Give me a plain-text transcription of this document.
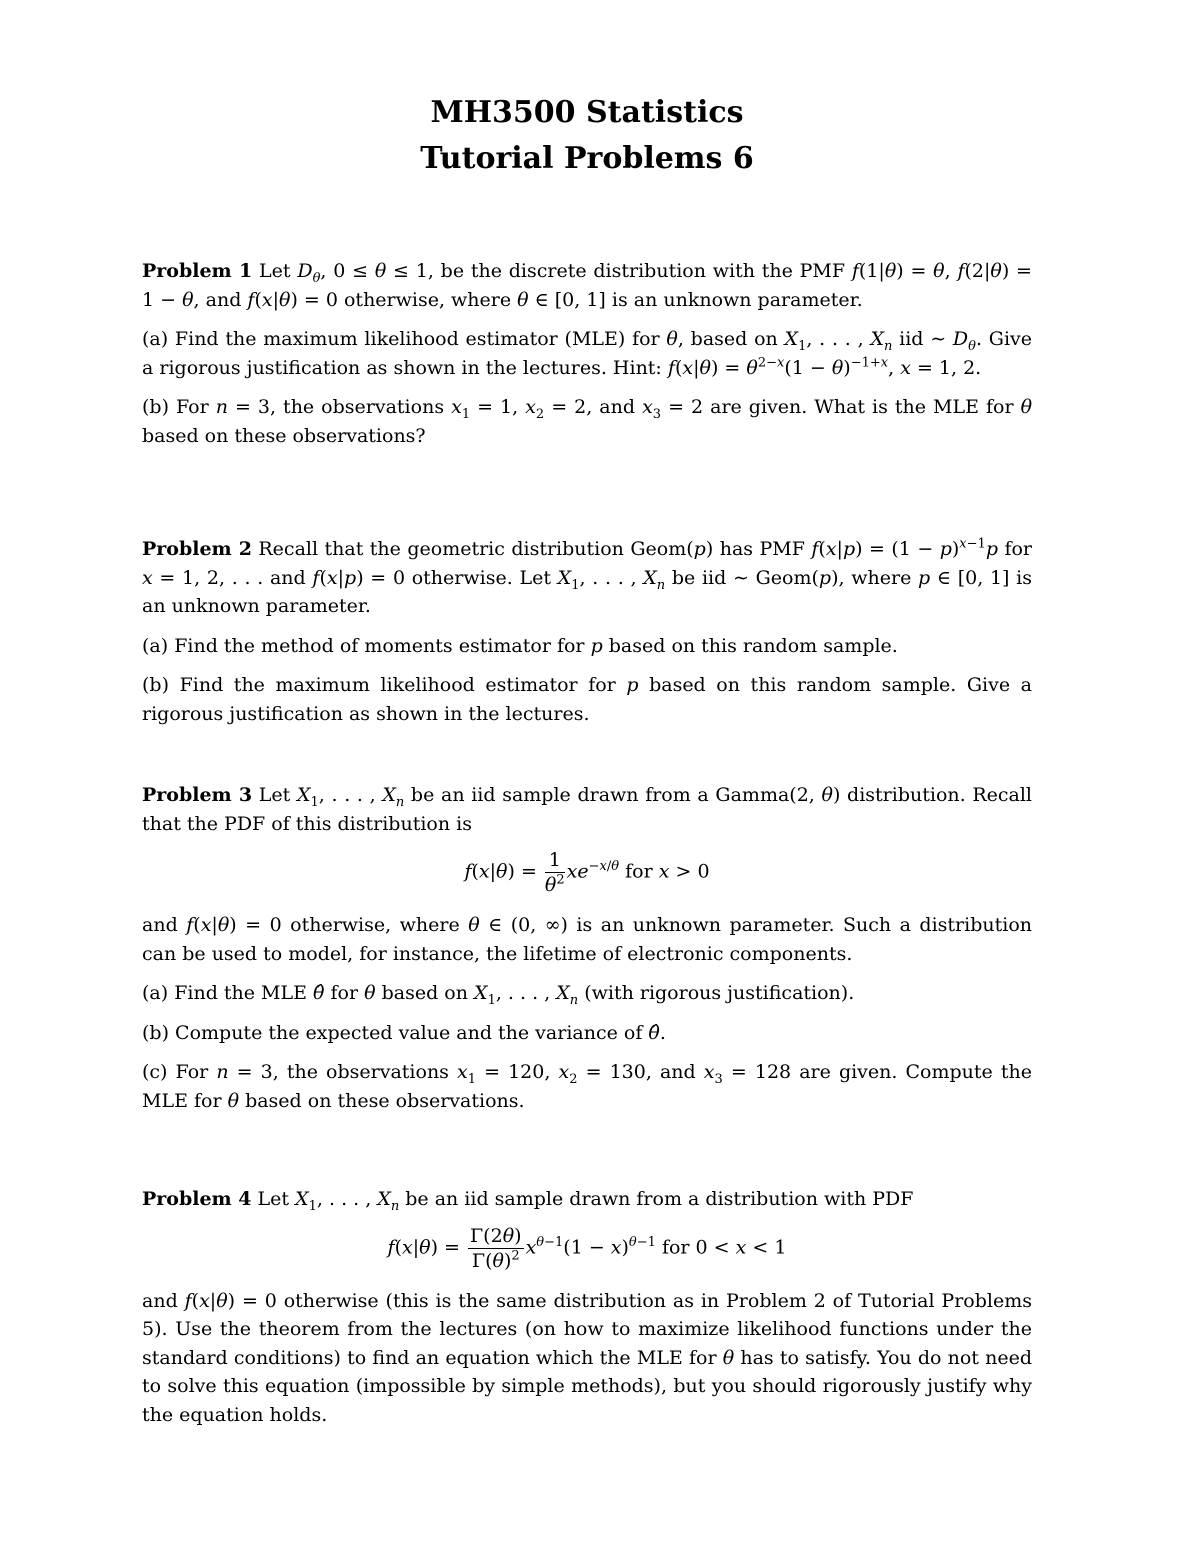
MH3500 Statistics
Tutorial Problems 6

Problem 1 Let $D_\theta$, 0 ≤ θ ≤ 1, be the discrete distribution with the PMF f(1|θ) = θ, f(2|θ) = 1 − θ, and f(x|θ) = 0 otherwise, where θ ∈ [0, 1] is an unknown parameter.

(a) Find the maximum likelihood estimator (MLE) for θ, based on $X_1$, . . . , $X_n$ iid ∼ $D_\theta$. Give a rigorous justification as shown in the lectures. Hint: $f(x|\theta) = \theta^{2-x}(1 - \theta)^{-1+x}$, x = 1, 2.

(b) For n = 3, the observations $x_1 = 1$, $x_2 = 2$, and $x_3 = 2$ are given. What is the MLE for θ based on these observations?

Problem 2 Recall that the geometric distribution Geom(p) has PMF $f(x|p) = (1 - p)^{x-1}p$ for x = 1, 2, . . . and f(x|p) = 0 otherwise. Let $X_1$, . . . , $X_n$ be iid ∼ Geom(p), where p ∈ [0, 1] is an unknown parameter.

(a) Find the method of moments estimator for p based on this random sample.

(b) Find the maximum likelihood estimator for p based on this random sample. Give a rigorous justification as shown in the lectures.

Problem 3 Let $X_1$, . . . , $X_n$ be an iid sample drawn from a Gamma(2, θ) distribution. Recall that the PDF of this distribution is

$f(x|\theta) = \frac{1}{\theta^2} xe^{-x/\theta}$ for x > 0

and f(x|θ) = 0 otherwise, where θ ∈ (0, ∞) is an unknown parameter. Such a distribution can be used to model, for instance, the lifetime of electronic components.

(a) Find the MLE θ̂ for θ based on $X_1$, . . . , $X_n$ (with rigorous justification).

(b) Compute the expected value and the variance of θ̂.

(c) For n = 3, the observations $x_1 = 120$, $x_2 = 130$, and $x_3 = 128$ are given. Compute the MLE for θ based on these observations.

Problem 4 Let $X_1$, . . . , $X_n$ be an iid sample drawn from a distribution with PDF

$f(x|\theta) = \frac{\Gamma(2\theta)}{\Gamma(\theta)^2} x^{\theta-1}(1 - x)^{\theta-1}$ for 0 < x < 1

and f(x|θ) = 0 otherwise (this is the same distribution as in Problem 2 of Tutorial Problems 5). Use the theorem from the lectures (on how to maximize likelihood functions under the standard conditions) to find an equation which the MLE for θ has to satisfy. You do not need to solve this equation (impossible by simple methods), but you should rigorously justify why the equation holds.
